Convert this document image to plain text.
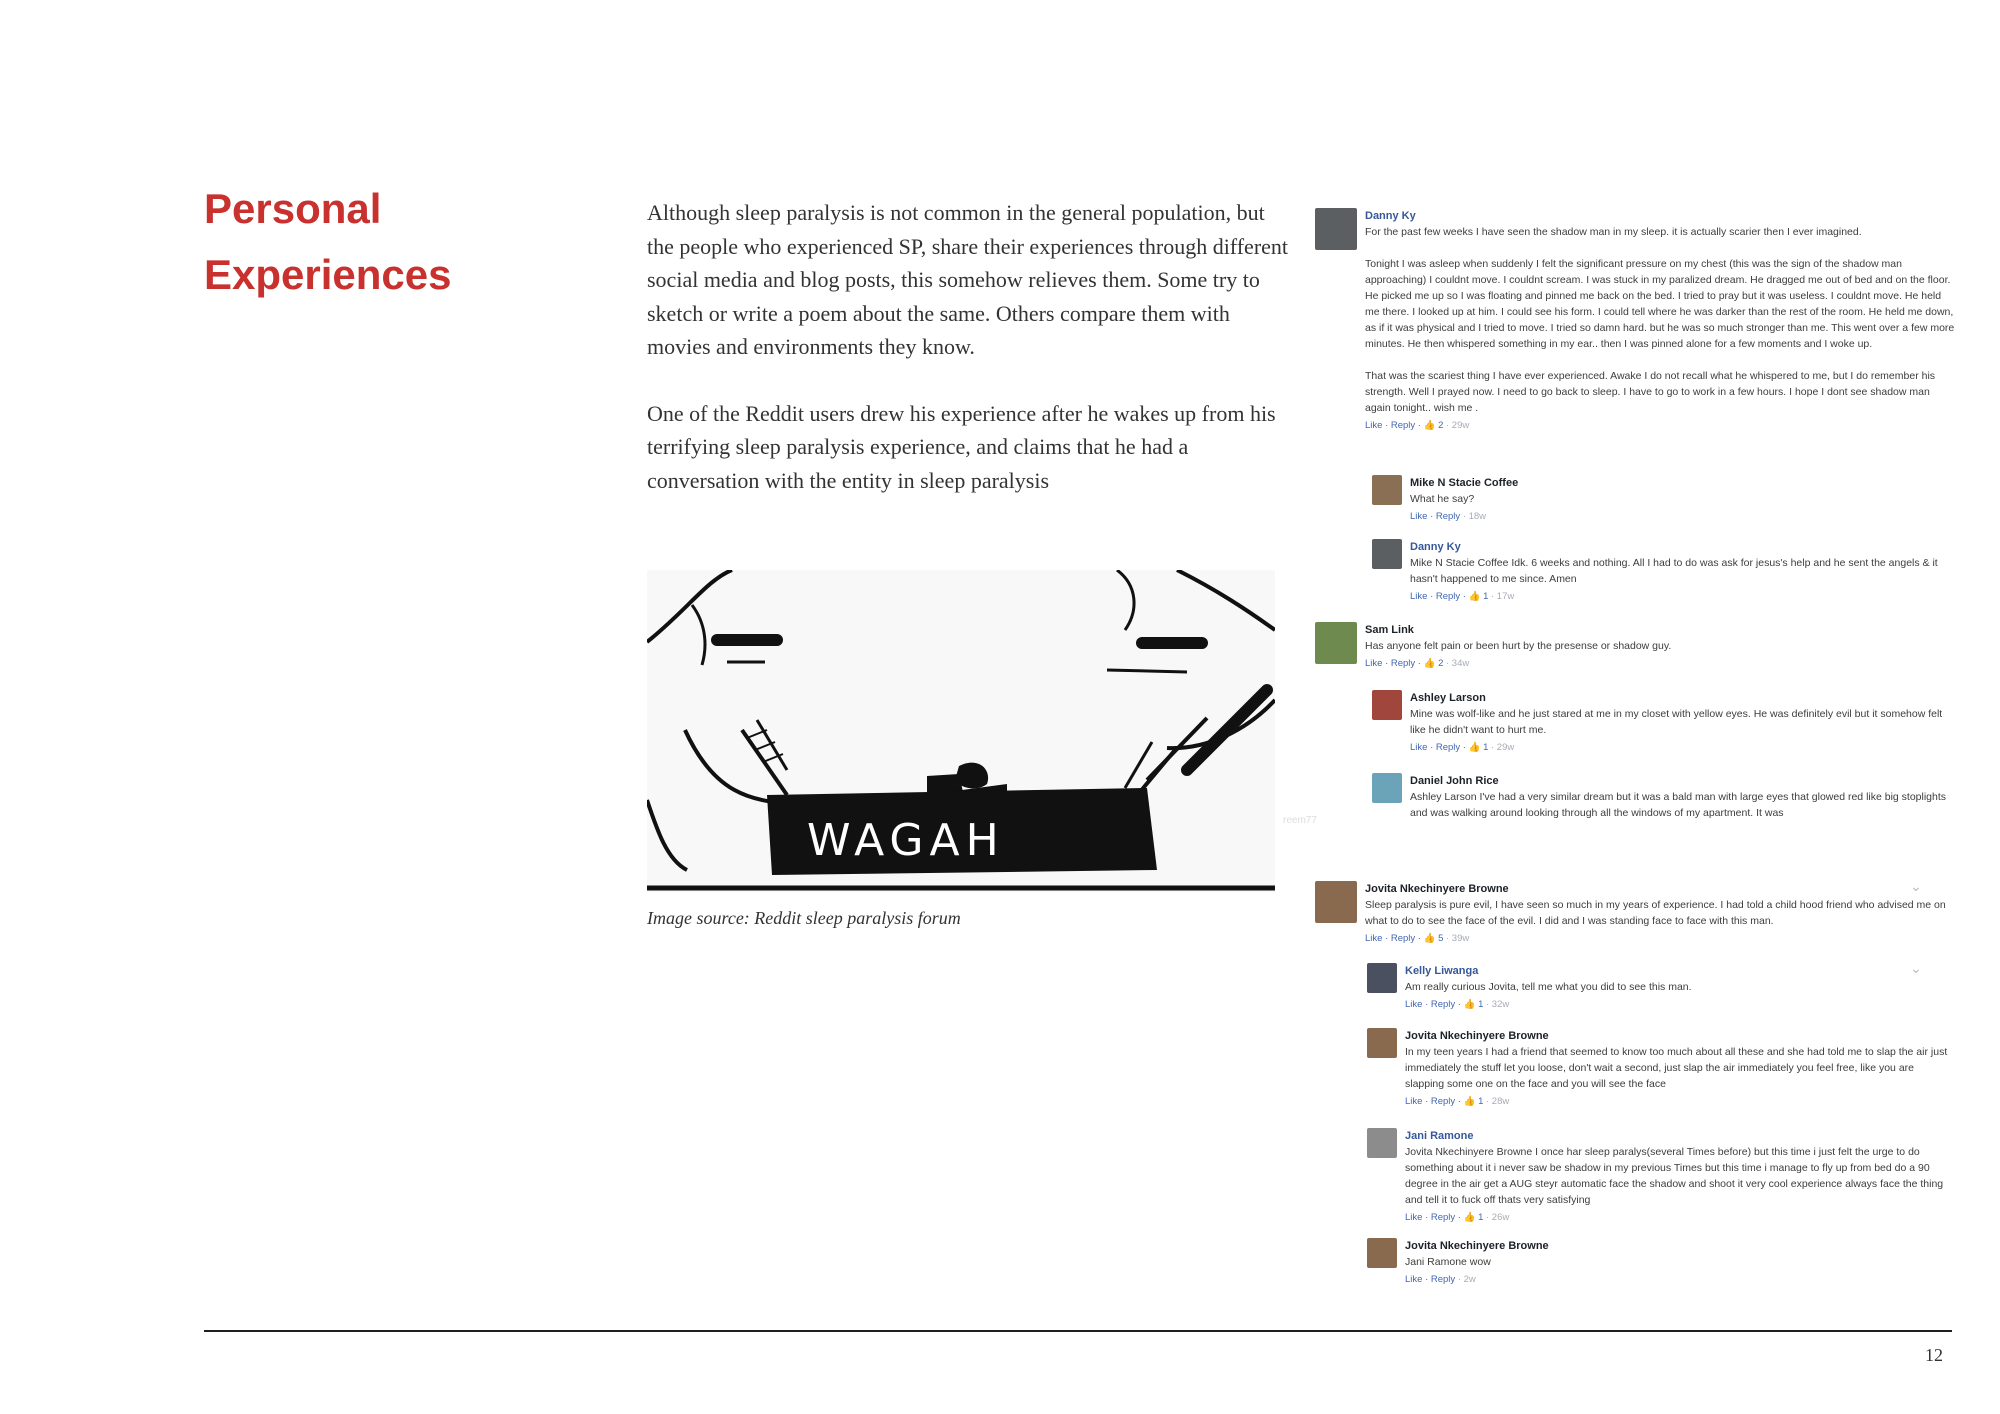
Personal
Experiences

Although sleep paralysis is not common in the general population, but the people who experienced SP, share their experiences through different social media and blog posts, this somehow relieves them. Some try to sketch or write a poem about the same. Others compare them with movies and environments they know.

One of the Reddit users drew his experience after he wakes up from his terrifying sleep paralysis experience, and claims that he had a conversation with the entity in sleep paralysis

WAGAH
Image source: Reddit sleep paralysis forum
reem77
Danny Ky

For the past few weeks I have seen the shadow man in my sleep. it is actually scarier then I ever imagined.

Tonight I was asleep when suddenly I felt the significant pressure on my chest (this was the sign of the shadow man approaching) I couldnt move. I couldnt scream. I was stuck in my paralized dream. He dragged me out of bed and on the floor. He picked me up so I was floating and pinned me back on the bed. I tried to pray but it was useless. I couldnt move. He held me there. I looked up at him. I could see his form. I could tell where he was darker than the rest of the room. He held me down, as if it was physical and I tried to move. I tried so damn hard. but he was so much stronger than me. This went over a few more minutes. He then whispered something in my ear.. then I was pinned alone for a few moments and I woke up.

That was the scariest thing I have ever experienced. Awake I do not recall what he whispered to me, but I do remember his strength. Well I prayed now. I need to go back to sleep. I have to go to work in a few hours. I hope I dont see shadow man again tonight.. wish me .

Like · Reply · 👍 2 · 29w
Mike N Stacie Coffee
What he say?
Like · Reply · 18w
Danny Ky
Mike N Stacie Coffee Idk. 6 weeks and nothing. All I had to do was ask for jesus's help and he sent the angels & it hasn't happened to me since. Amen
Like · Reply · 👍 1 · 17w
Sam Link
Has anyone felt pain or been hurt by the presense or shadow guy.
Like · Reply · 👍 2 · 34w
Ashley Larson
Mine was wolf-like and he just stared at me in my closet with yellow eyes. He was definitely evil but it somehow felt like he didn't want to hurt me.
Like · Reply · 👍 1 · 29w
Daniel John Rice
Ashley Larson I've had a very similar dream but it was a bald man with large eyes that glowed red like big stoplights and was walking around looking through all the windows of my apartment. It was
Jovita Nkechinyere Browne
Sleep paralysis is pure evil, I have seen so much in my years of experience. I had told a child hood friend who advised me on what to do to see the face of the evil. I did and I was standing face to face with this man.
Like · Reply · 👍 5 · 39w
⌄
Kelly Liwanga
Am really curious Jovita, tell me what you did to see this man.
Like · Reply · 👍 1 · 32w
⌄
Jovita Nkechinyere Browne
In my teen years I had a friend that seemed to know too much about all these and she had told me to slap the air just immediately the stuff let you loose, don't wait a second, just slap the air immediately you feel free, like you are slapping some one on the face and you will see the face
Like · Reply · 👍 1 · 28w
Jani Ramone
Jovita Nkechinyere Browne I once har sleep paralys(several Times before) but this time i just felt the urge to do something about it i never saw be shadow in my previous Times but this time i manage to fly up from bed do a 90 degree in the air get a AUG steyr automatic face the shadow and shoot it very cool experience always face the thing and tell it to fuck off thats very satisfying
Like · Reply · 👍 1 · 26w
Jovita Nkechinyere Browne
Jani Ramone wow
Like · Reply · 2w
12
